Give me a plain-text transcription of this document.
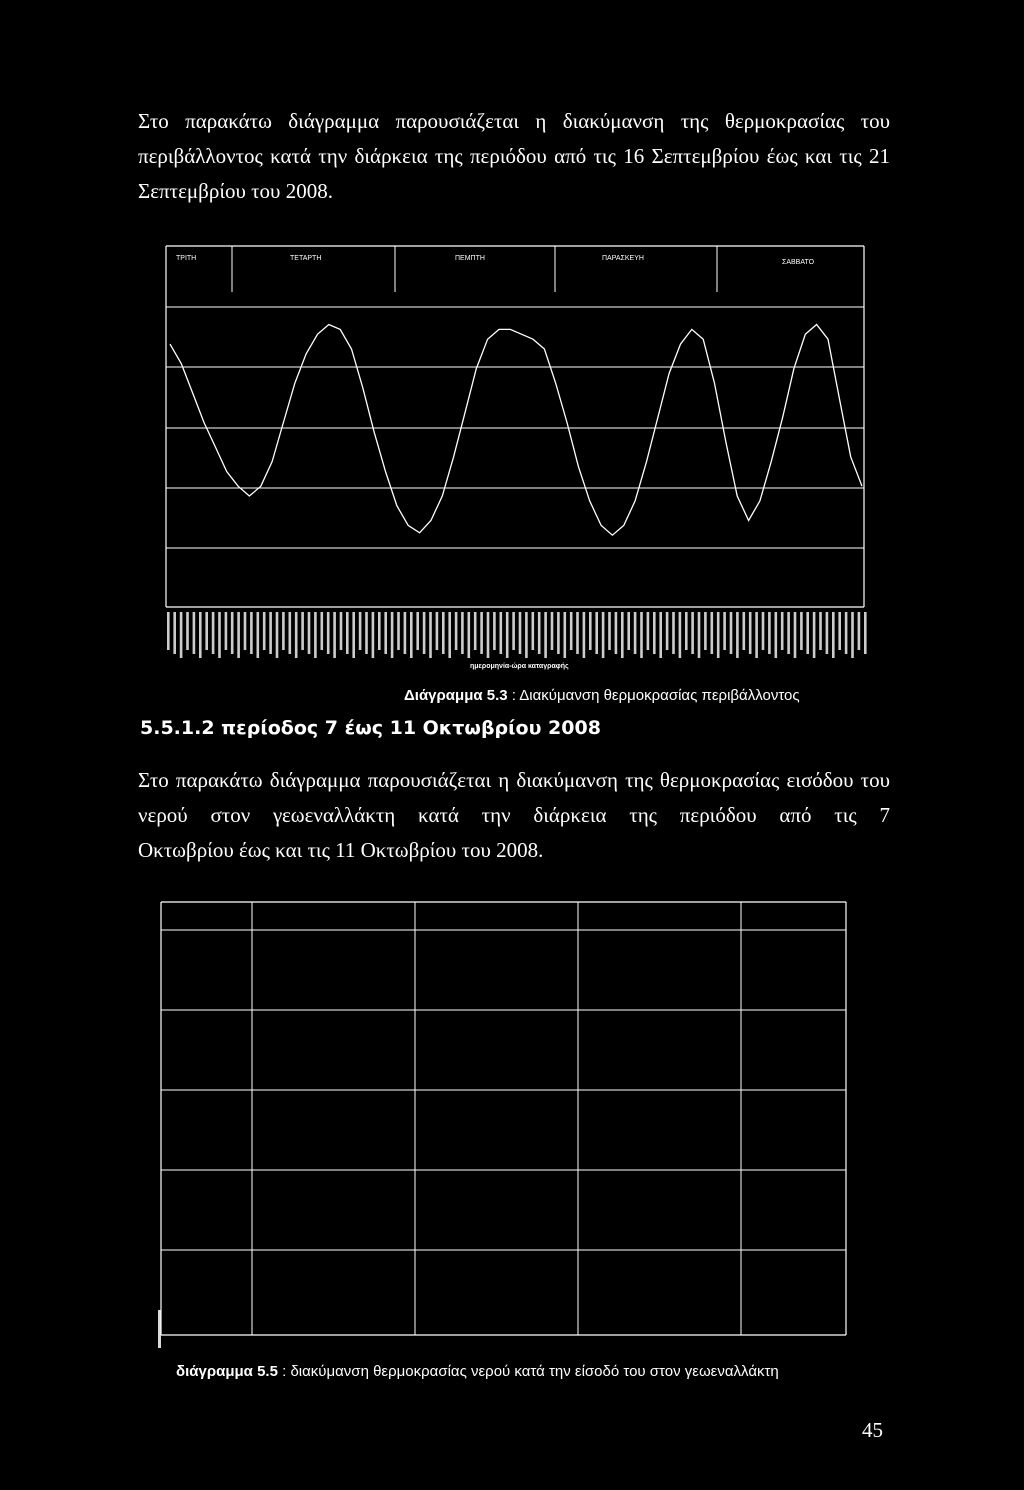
Στο παρακάτω διάγραμμα παρουσιάζεται η διακύμανση της θερμοκρασίας του περιβάλλοντος κατά την διάρκεια της περιόδου από τις 16 Σεπτεμβρίου έως και τις 21
Σεπτεμβρίου του 2008.

ΤΡΙΤΗ	ΤΕΤΑΡΤΗ	ΠΕΜΠΤΗ	ΠΑΡΑΣΚΕΥΗ
ΣΑΒΒΑΤΟ
ημερομηνία-ώρα καταγραφής
Διάγραμμα 5.3 : Διακύμανση θερμοκρασίας περιβάλλοντος
5.5.1.2 περίοδος 7 έως 11 Οκτωβρίου 2008

Στο παρακάτω διάγραμμα παρουσιάζεται η διακύμανση της θερμοκρασίας εισόδου του νερού στον γεωεναλλάκτη κατά την διάρκεια της περιόδου από τις 7
Οκτωβρίου έως και τις 11 Οκτωβρίου του 2008.

διάγραμμα 5.5 : διακύμανση θερμοκρασίας νερού κατά την είσοδό του στον γεωεναλλάκτη
45
